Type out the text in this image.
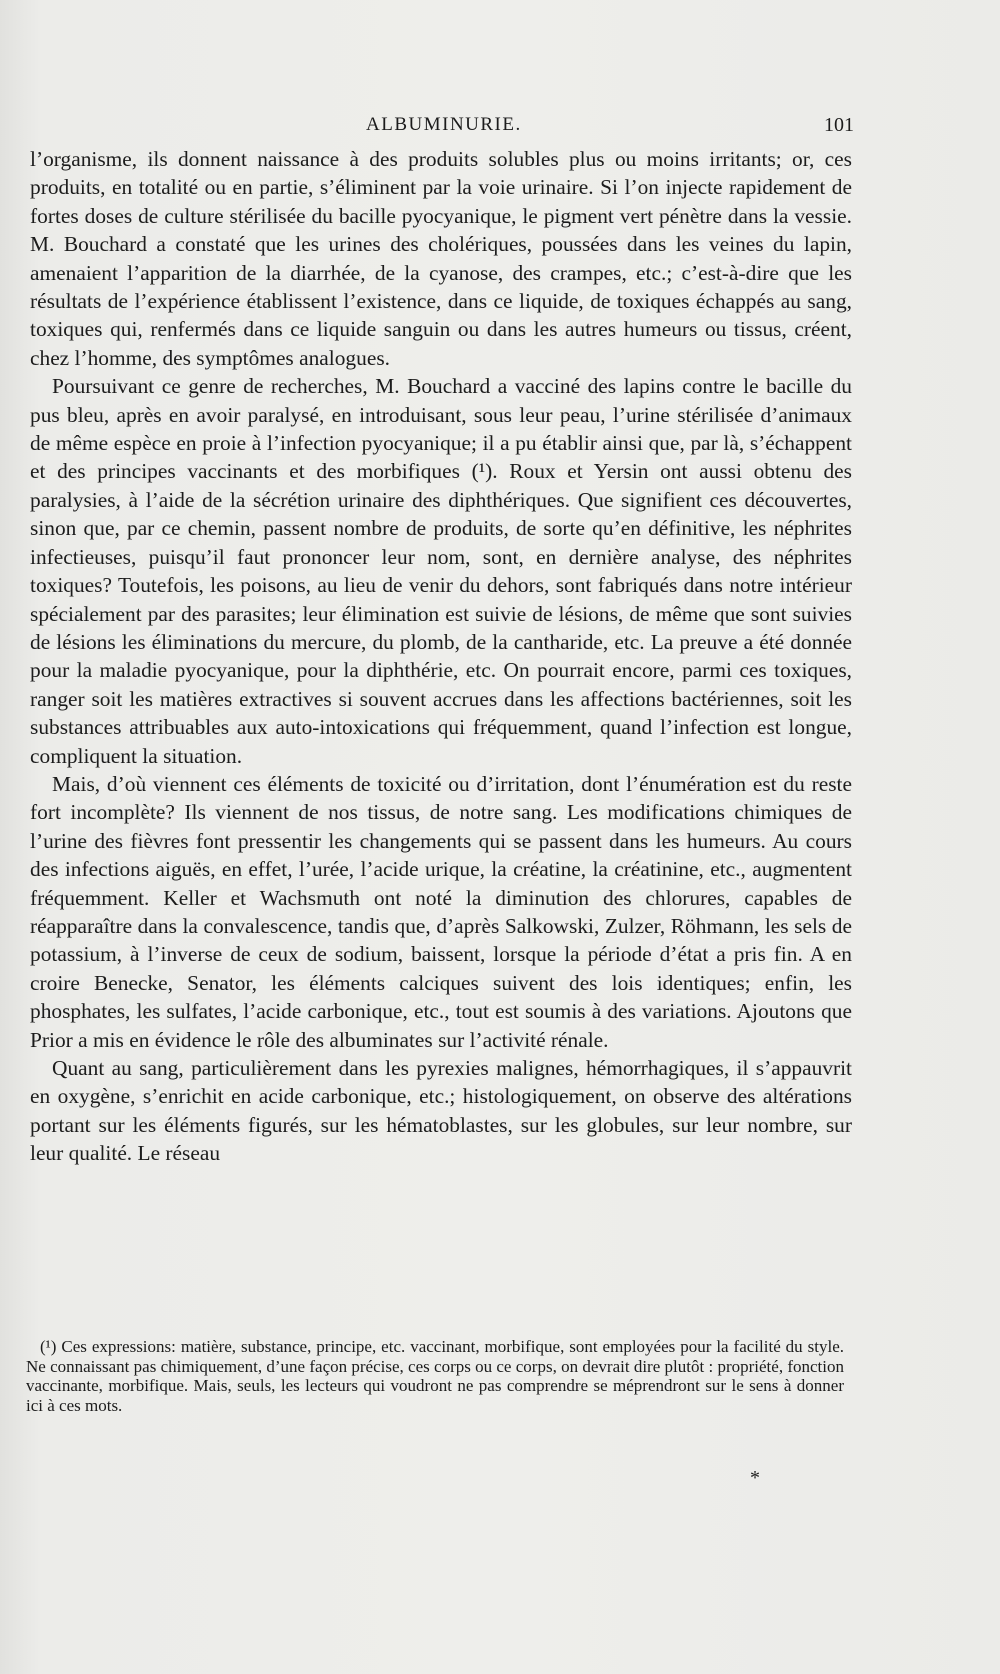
ALBUMINURIE.	101

l’organisme, ils donnent naissance à des produits solubles plus ou moins irritants; or, ces produits, en totalité ou en partie, s’éliminent par la voie urinaire. Si l’on injecte rapidement de fortes doses de culture stérilisée du bacille pyocyanique, le pigment vert pénètre dans la vessie. M. Bouchard a constaté que les urines des cholériques, poussées dans les veines du lapin, amenaient l’apparition de la diarrhée, de la cyanose, des crampes, etc.; c’est-à-dire que les résultats de l’expérience établissent l’existence, dans ce liquide, de toxiques échappés au sang, toxiques qui, renfermés dans ce liquide sanguin ou dans les autres humeurs ou tissus, créent, chez l’homme, des symptômes analogues.

Poursuivant ce genre de recherches, M. Bouchard a vacciné des lapins contre le bacille du pus bleu, après en avoir paralysé, en introduisant, sous leur peau, l’urine stérilisée d’animaux de même espèce en proie à l’infection pyocyanique; il a pu établir ainsi que, par là, s’échappent et des principes vaccinants et des morbifiques (¹). Roux et Yersin ont aussi obtenu des paralysies, à l’aide de la sécrétion urinaire des diphthériques. Que signifient ces découvertes, sinon que, par ce chemin, passent nombre de produits, de sorte qu’en définitive, les néphrites infectieuses, puisqu’il faut prononcer leur nom, sont, en dernière analyse, des néphrites toxiques? Toutefois, les poisons, au lieu de venir du dehors, sont fabriqués dans notre intérieur spécialement par des parasites; leur élimination est suivie de lésions, de même que sont suivies de lésions les éliminations du mercure, du plomb, de la cantharide, etc. La preuve a été donnée pour la maladie pyocyanique, pour la diphthérie, etc. On pourrait encore, parmi ces toxiques, ranger soit les matières extractives si souvent accrues dans les affections bactériennes, soit les substances attribuables aux auto-intoxications qui fréquemment, quand l’infection est longue, compliquent la situation.

Mais, d’où viennent ces éléments de toxicité ou d’irritation, dont l’énumération est du reste fort incomplète? Ils viennent de nos tissus, de notre sang. Les modifications chimiques de l’urine des fièvres font pressentir les changements qui se passent dans les humeurs. Au cours des infections aiguës, en effet, l’urée, l’acide urique, la créatine, la créatinine, etc., augmentent fréquemment. Keller et Wachsmuth ont noté la diminution des chlorures, capables de réapparaître dans la convalescence, tandis que, d’après Salkowski, Zulzer, Röhmann, les sels de potassium, à l’inverse de ceux de sodium, baissent, lorsque la période d’état a pris fin. A en croire Benecke, Senator, les éléments calciques suivent des lois identiques; enfin, les phosphates, les sulfates, l’acide carbonique, etc., tout est soumis à des variations. Ajoutons que Prior a mis en évidence le rôle des albuminates sur l’activité rénale.

Quant au sang, particulièrement dans les pyrexies malignes, hémorrhagiques, il s’appauvrit en oxygène, s’enrichit en acide carbonique, etc.; histologiquement, on observe des altérations portant sur les éléments figurés, sur les hématoblastes, sur les globules, sur leur nombre, sur leur qualité. Le réseau

(¹) Ces expressions: matière, substance, principe, etc. vaccinant, morbifique, sont employées pour la facilité du style. Ne connaissant pas chimiquement, d’une façon précise, ces corps ou ce corps, on devrait dire plutôt : propriété, fonction vaccinante, morbifique. Mais, seuls, les lecteurs qui voudront ne pas comprendre se méprendront sur le sens à donner ici à ces mots.

*
